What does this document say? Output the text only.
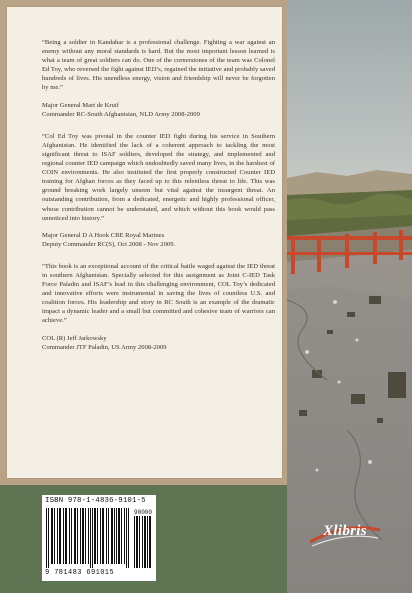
“Being a soldier in Kandahar is a professional challenge. Fighting a war against an enemy without any moral standards is hard. But the most important lesson learned is what a team of great soldiers can do. One of the cornerstones of the team was Colonel Ed Toy, who reversed the fight against IED’s, regained the initiative and probably saved hundreds of lives. His unendless energy, vision and friendship will never be forgotten by me.”

Major General Mart de Kruif
Commander RC-South Afghanistan, NLD Army 2008-2009

“Col Ed Toy was pivotal in the counter IED fight during his service in Southern Afghanistan. He identified the lack of a coherent approach to tackling the most significant threat to ISAF soldiers, developed the strategy, and implemented and regional counter IED campaign which undoubtedly saved many lives, in the harshest of COIN environments. He also instituted the first properly constructed Counter IED training for Afghan forces as they faced up to this relentless threat to life. This was ground breaking work largely unseen but vital against the insurgent threat. An outstanding contribution, from a dedicated, energetic and highly professional officer, whose contribution cannot be understated, and which without this book would pass unnoticed into history.”

Major General D A Hook CBE Royal Marines
Deputy Commander RC(S), Oct 2008 - Nov 2009.

“This book is an exceptional account of the critical battle waged against the IED threat in southern Afghanistan. Specially selected for this assignment as Joint C-IED Task Force Paladin and ISAF’s lead in this challenging environment, COL Toy’s dedicated and innovative efforts were instrumental in saving the lives of countless U.S. and coalition forces. His leadership and story in RC South is an example of the dramatic impact a dynamic leader and a small but committed and cohesive team of warriors can achieve.”

COL (R) Jeff Jarkowsky
Commander JTF Paladin, US Army 2008-2009
ISBN 978-1-4836-9101-5
90000
9 781483 691015
Xlibris
